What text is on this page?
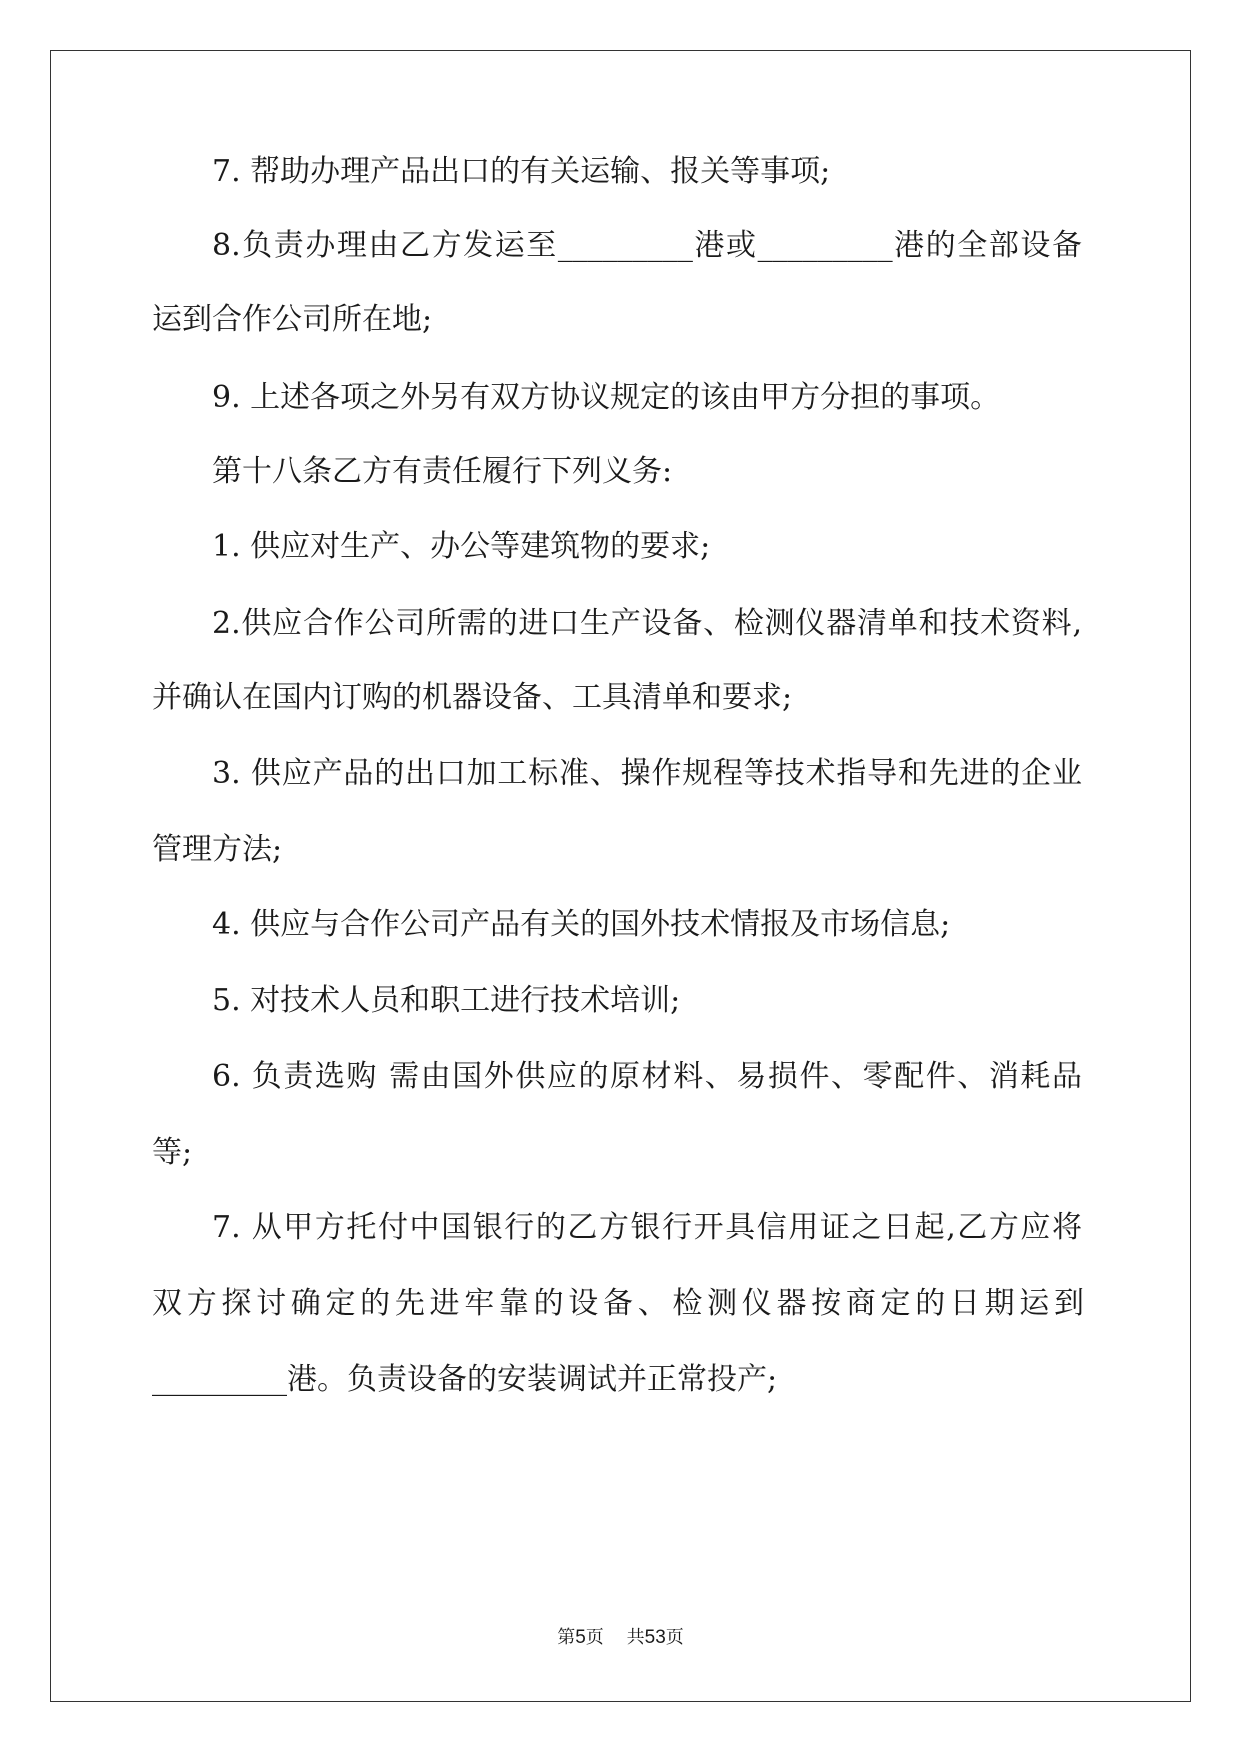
7. 帮助办理产品出口的有关运输、报关等事项;
8.负责办理由乙方发运至_________港或_________港的全部设备
运到合作公司所在地;
9. 上述各项之外另有双方协议规定的该由甲方分担的事项。
第十八条乙方有责任履行下列义务:
1. 供应对生产、办公等建筑物的要求;
2.供应合作公司所需的进口生产设备、检测仪器清单和技术资料,
并确认在国内订购的机器设备、工具清单和要求;
3. 供应产品的出口加工标准、操作规程等技术指导和先进的企业
管理方法;
4. 供应与合作公司产品有关的国外技术情报及市场信息;
5. 对技术人员和职工进行技术培训;
6. 负责选购 需由国外供应的原材料、易损件、零配件、消耗品
等;
7. 从甲方托付中国银行的乙方银行开具信用证之日起,乙方应将
双方探讨确定的先进牢靠的设备、检测仪器按商定的日期运到
_________港。负责设备的安装调试并正常投产;
第5页    共53页
